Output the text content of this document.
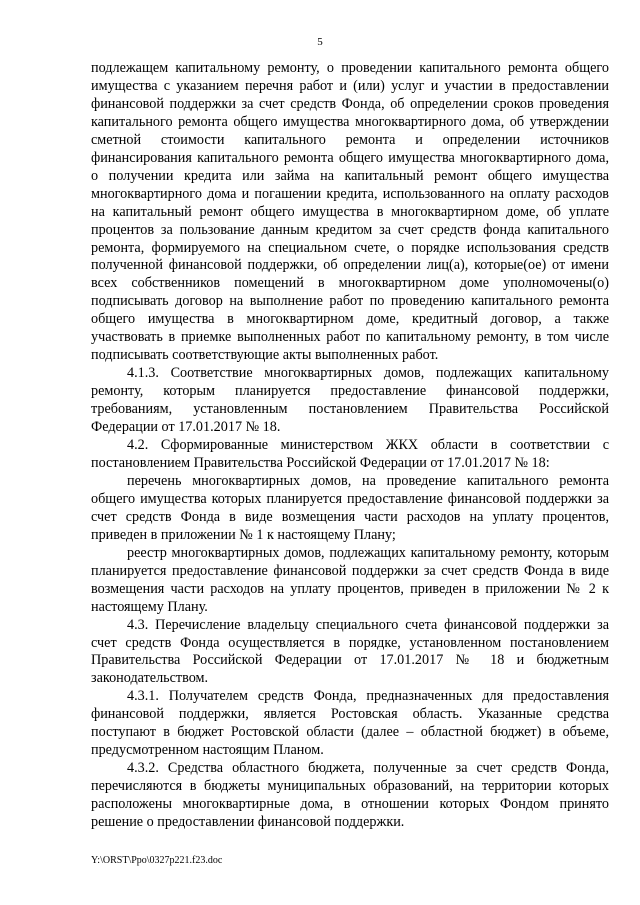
5

подлежащем капитальному ремонту, о проведении капитального ремонта общего имущества с указанием перечня работ и (или) услуг и участии в предоставлении финансовой поддержки за счет средств Фонда, об определении сроков проведения капитального ремонта общего имущества многоквартирного дома, об утверждении сметной стоимости капитального ремонта и определении источников финансирования капитального ремонта общего имущества многоквартирного дома, о получении кредита или займа на капитальный ремонт общего имущества многоквартирного дома и погашении кредита, использованного на оплату расходов на капитальный ремонт общего имущества в многоквартирном доме, об уплате процентов за пользование данным кредитом за счет средств фонда капитального ремонта, формируемого на специальном счете, о порядке использования средств полученной финансовой поддержки, об определении лиц(а), которые(ое) от имени всех собственников помещений в многоквартирном доме уполномочены(о) подписывать договор на выполнение работ по проведению капитального ремонта общего имущества в многоквартирном доме, кредитный договор, а также участвовать в приемке выполненных работ по капитальному ремонту, в том числе подписывать соответствующие акты выполненных работ.

4.1.3. Соответствие многоквартирных домов, подлежащих капитальному ремонту, которым планируется предоставление финансовой поддержки, требованиям, установленным постановлением Правительства Российской Федерации от 17.01.2017 № 18.

4.2. Сформированные министерством ЖКХ области в соответствии с постановлением Правительства Российской Федерации от 17.01.2017 № 18:

перечень многоквартирных домов, на проведение капитального ремонта общего имущества которых планируется предоставление финансовой поддержки за счет средств Фонда в виде возмещения части расходов на уплату процентов, приведен в приложении № 1 к настоящему Плану;

реестр многоквартирных домов, подлежащих капитальному ремонту, которым планируется предоставление финансовой поддержки за счет средств Фонда в виде возмещения части расходов на уплату процентов, приведен в приложении № 2 к настоящему Плану.

4.3. Перечисление владельцу специального счета финансовой поддержки за счет средств Фонда осуществляется в порядке, установленном постановлением Правительства Российской Федерации от 17.01.2017 № 18 и бюджетным законодательством.

4.3.1. Получателем средств Фонда, предназначенных для предоставления финансовой поддержки, является Ростовская область. Указанные средства поступают в бюджет Ростовской области (далее – областной бюджет) в объеме, предусмотренном настоящим Планом.

4.3.2. Средства областного бюджета, полученные за счет средств Фонда, перечисляются в бюджеты муниципальных образований, на территории которых расположены многоквартирные дома, в отношении которых Фондом принято решение о предоставлении финансовой поддержки.

Y:\ORST\Ppo\0327p221.f23.doc
